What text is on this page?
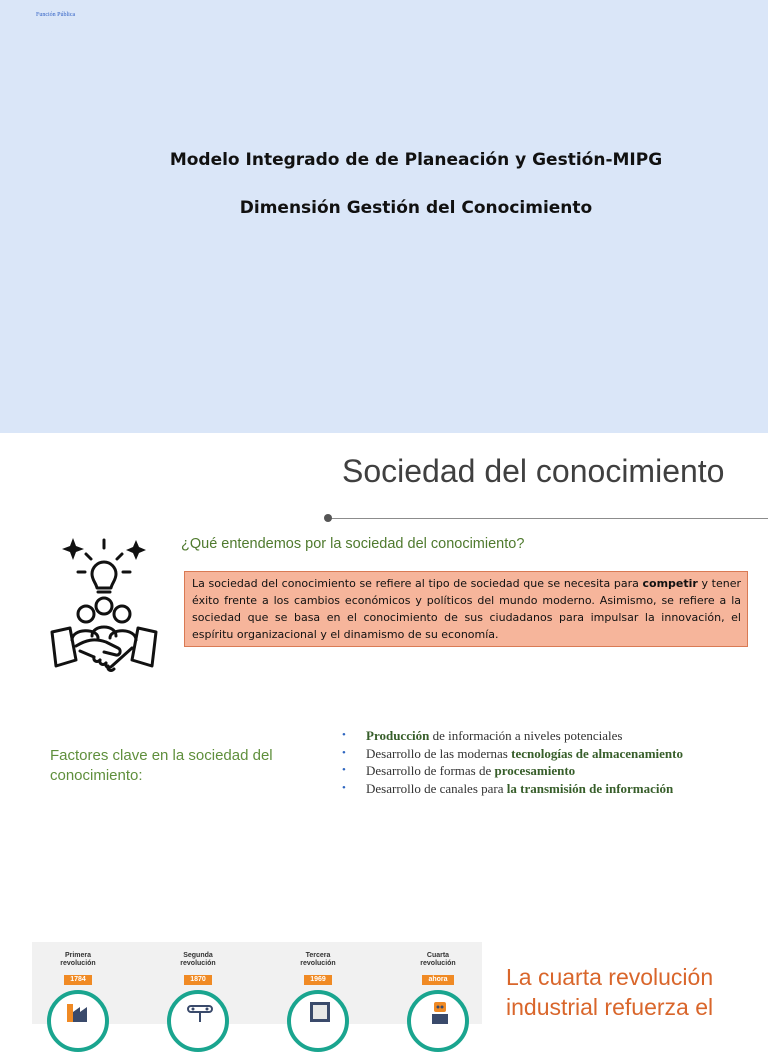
Función Pública
Modelo Integrado de de Planeación y Gestión-MIPG
Dimensión Gestión del Conocimiento
Sociedad del conocimiento
¿Qué entendemos por la sociedad del conocimiento?
La sociedad del conocimiento se refiere al tipo de sociedad que se necesita para competir y tener éxito frente a los cambios económicos y políticos del mundo moderno. Asimismo, se refiere a la sociedad que se basa en el conocimiento de sus ciudadanos para impulsar la innovación, el espíritu organizacional y el dinamismo de su economía.
Factores clave en la sociedad del conocimiento:
• Producción de información a niveles potenciales
• Desarrollo de las modernas tecnologías de almacenamiento
• Desarrollo de formas de procesamiento
• Desarrollo de canales para la transmisión de información
Primera
revolución
1784
Segunda
revolución
1870
Tercera
revolución
1969
Cuarta
revolución
ahora	La cuarta revolución
industrial refuerza el
